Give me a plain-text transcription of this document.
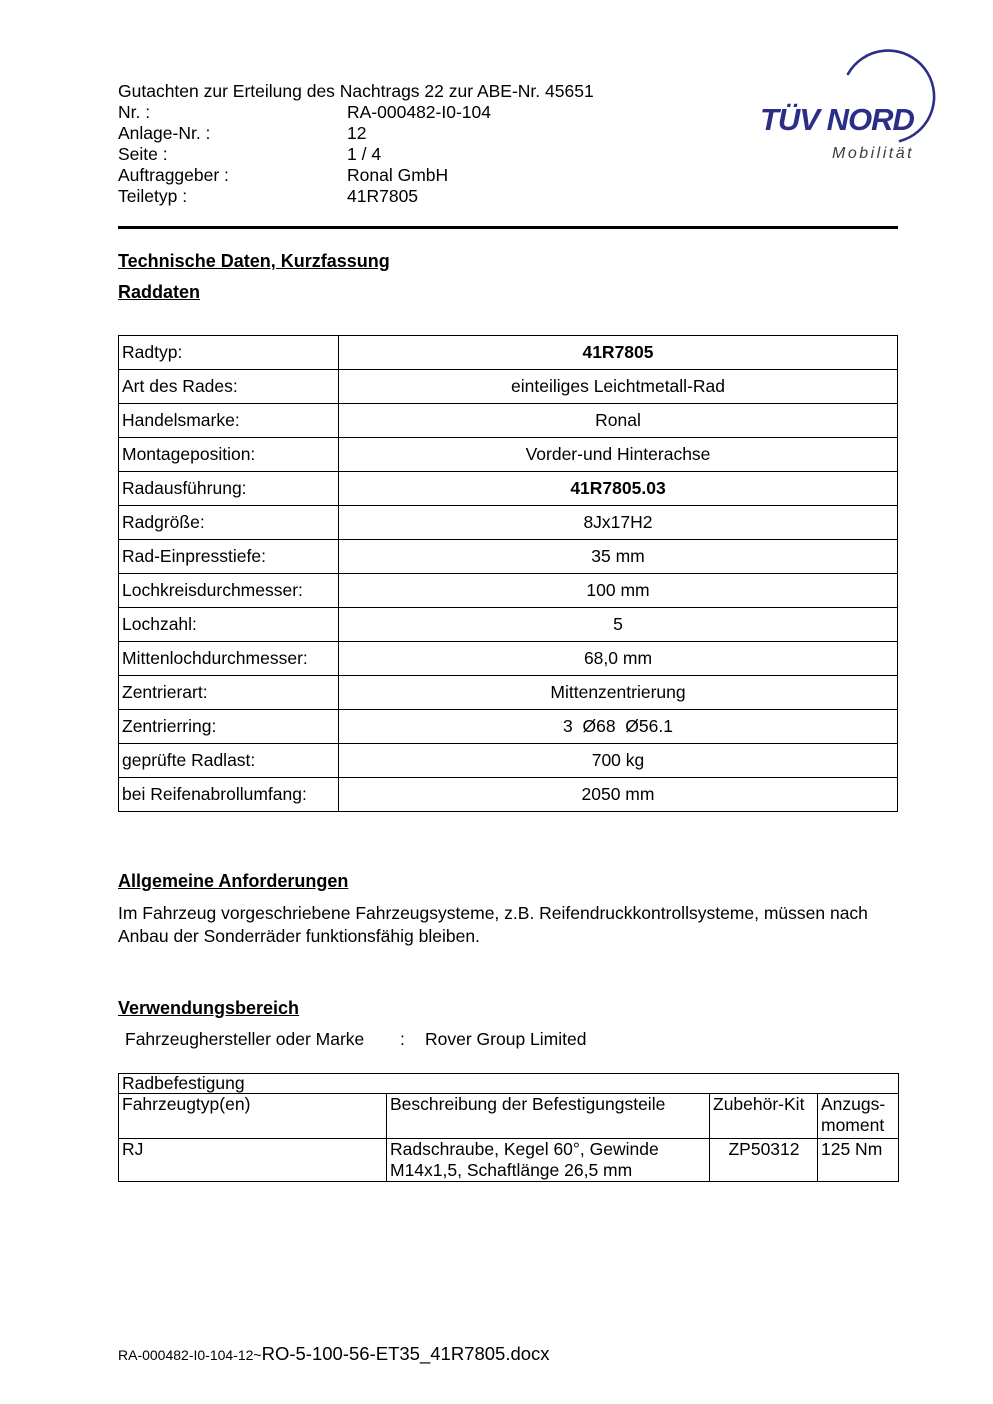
Gutachten zur Erteilung des Nachtrags 22 zur ABE-Nr. 45651
Nr. :	RA-000482-I0-104
Anlage-Nr. :	12
Seite :	1 / 4
Auftraggeber :	Ronal GmbH
Teiletyp :	41R7805
TÜV NORD
Mobilität
Technische Daten, Kurzfassung
Raddaten
Radtyp:	41R7805
Art des Rades:	einteiliges Leichtmetall-Rad
Handelsmarke:	Ronal
Montageposition:	Vorder-und Hinterachse
Radausführung:	41R7805.03
Radgröße:	8Jx17H2
Rad-Einpresstiefe:	35 mm
Lochkreisdurchmesser:	100 mm
Lochzahl:	5
Mittenlochdurchmesser:	68,0 mm
Zentrierart:	Mittenzentrierung
Zentrierring:	3  Ø68  Ø56.1
geprüfte Radlast:	700 kg
bei Reifenabrollumfang:	2050 mm
Allgemeine Anforderungen
Im Fahrzeug vorgeschriebene Fahrzeugsysteme, z.B. Reifendruckkontrollsysteme, müssen nach Anbau der Sonderräder funktionsfähig bleiben.
Verwendungsbereich
Fahrzeughersteller oder Marke	:	Rover Group Limited
Radbefestigung			
Fahrzeugtyp(en)	Beschreibung der Befestigungsteile	Zubehör-Kit	Anzugs-moment
RJ	Radschraube, Kegel 60°, Gewinde M14x1,5, Schaftlänge 26,5 mm	ZP50312	125 Nm
RA-000482-I0-104-12~ RO-5-100-56-ET35_41R7805.docx
